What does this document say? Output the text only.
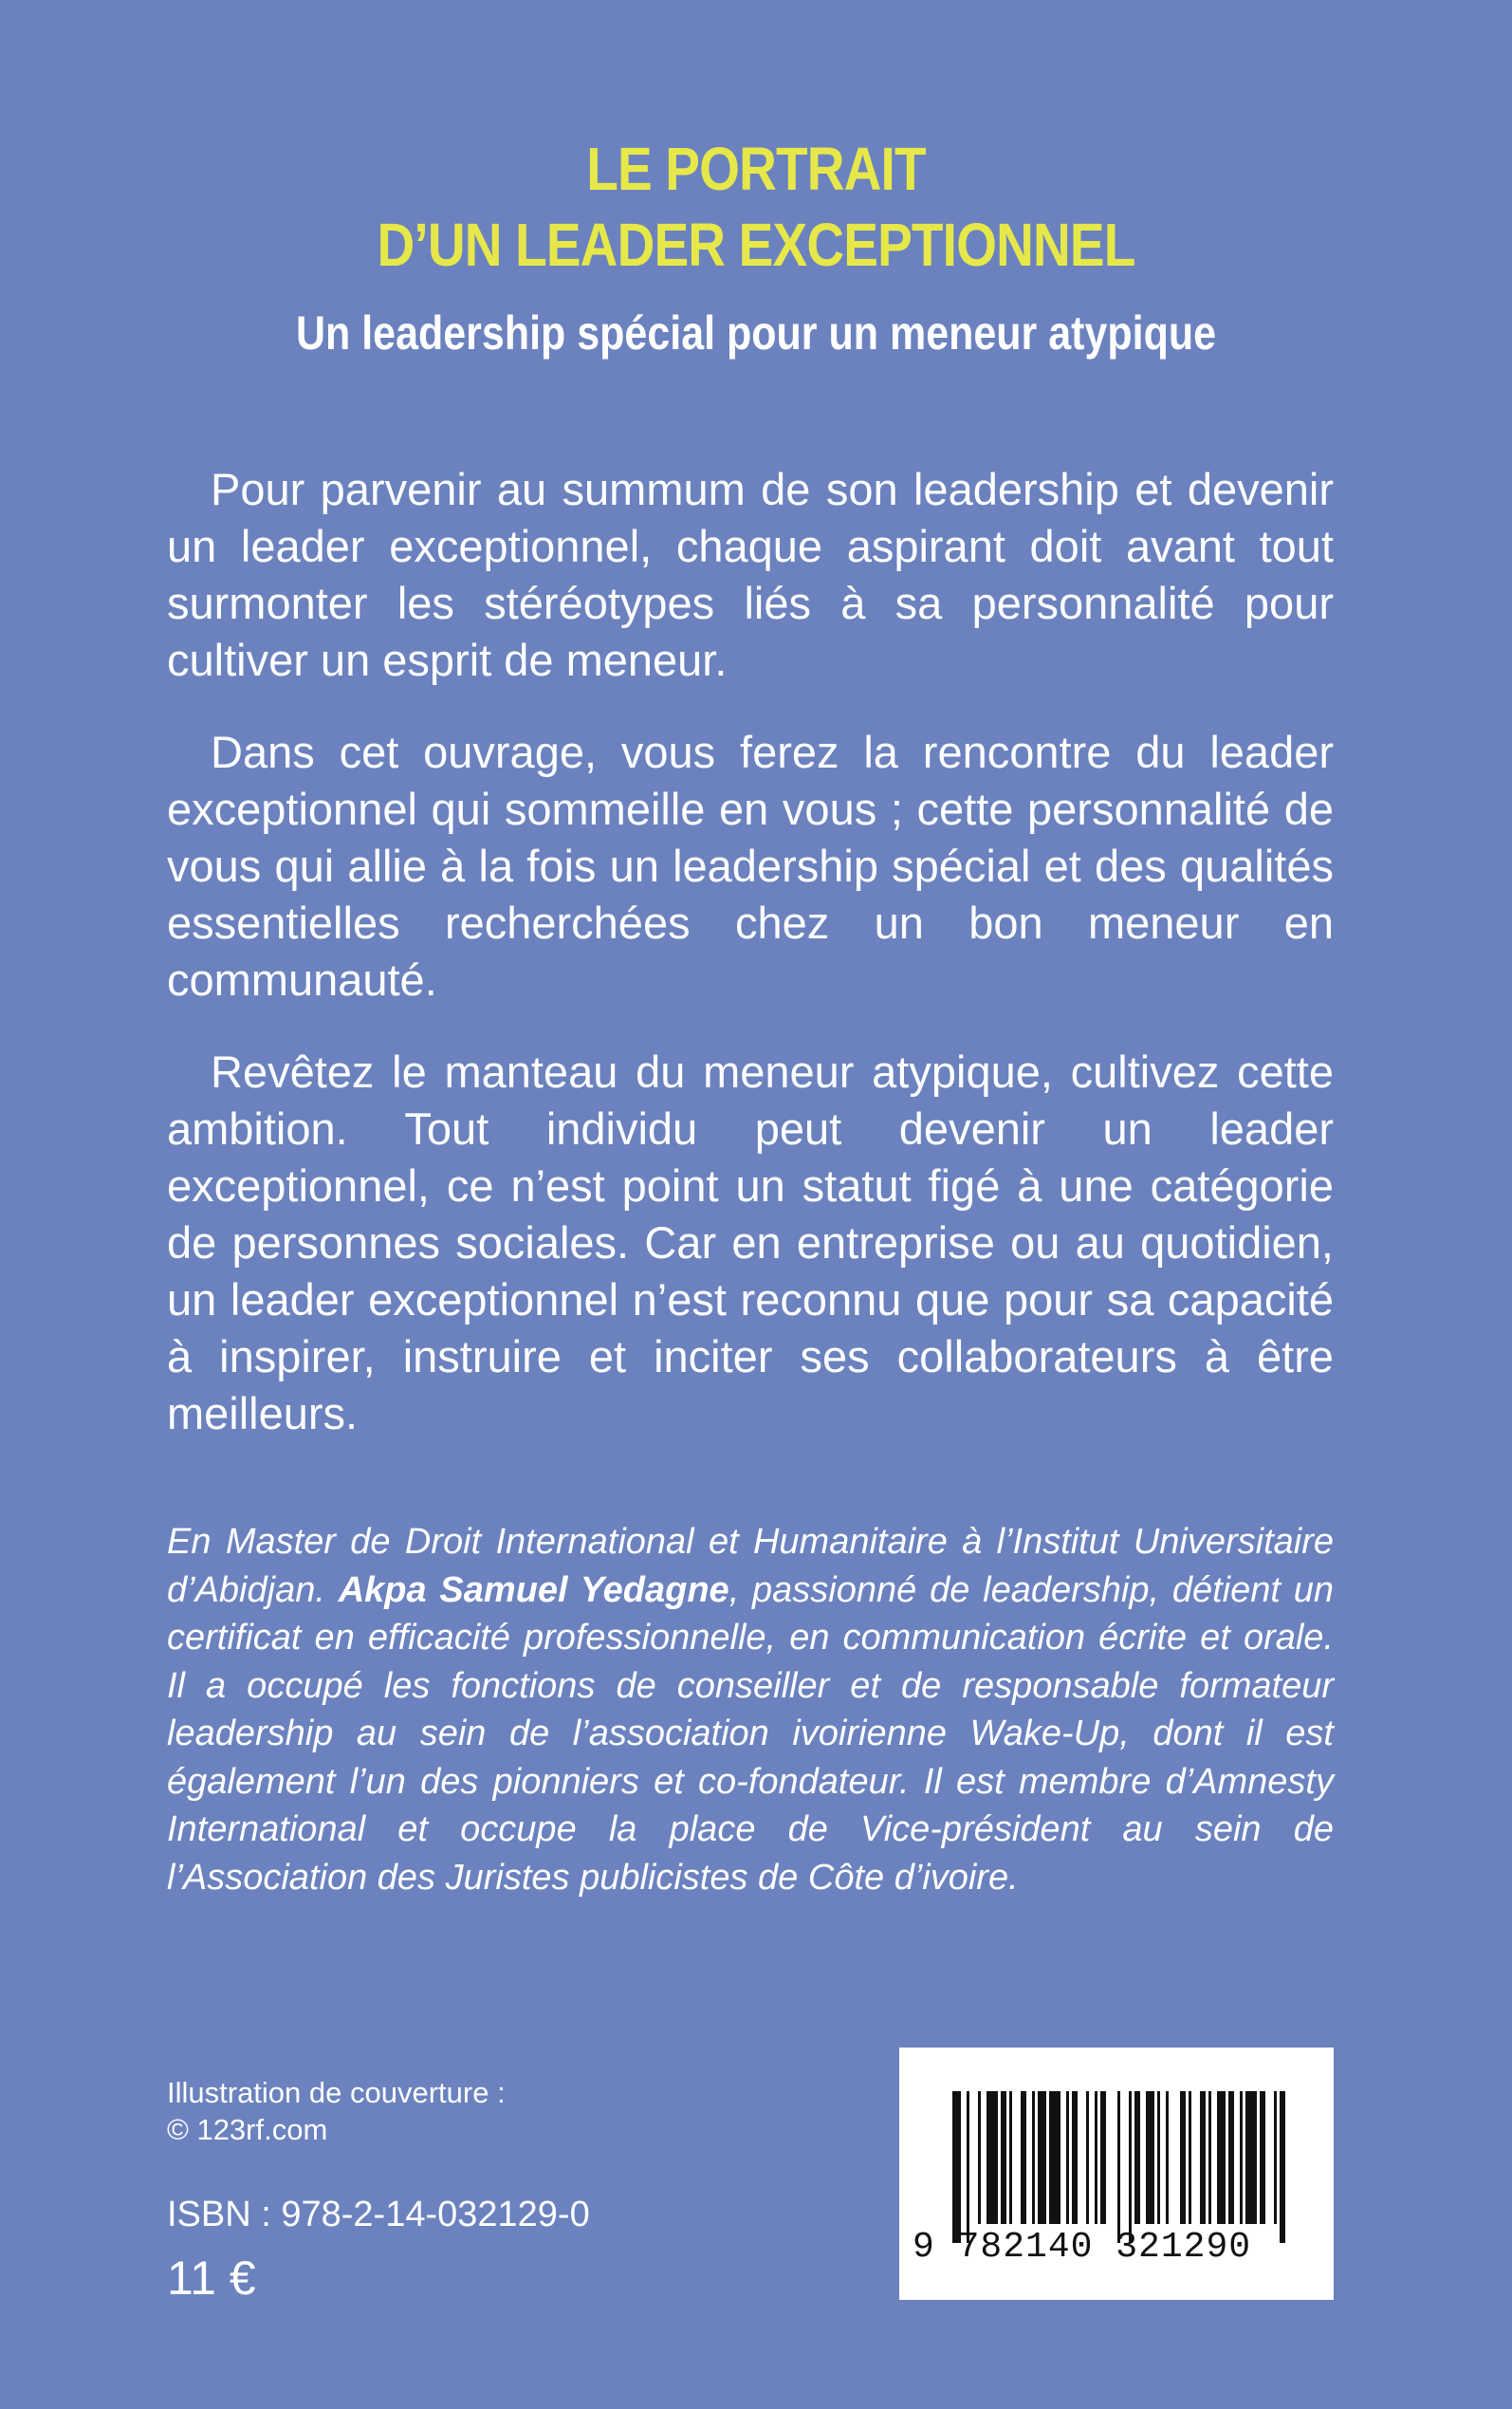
LE PORTRAIT
D’UN LEADER EXCEPTIONNEL
Un leadership spécial pour un meneur atypique

Pour parvenir au summum de son leadership et devenir un leader exceptionnel, chaque aspirant doit avant tout surmonter les stéréotypes liés à sa personnalité pour cultiver un esprit de meneur.

Dans cet ouvrage, vous ferez la rencontre du leader exceptionnel qui sommeille en vous ; cette personnalité de vous qui allie à la fois un leadership spécial et des qualités essentielles recherchées chez un bon meneur en communauté.

Revêtez le manteau du meneur atypique, cultivez cette ambition. Tout individu peut devenir un leader exceptionnel, ce n’est point un statut figé à une catégorie de personnes sociales. Car en entreprise ou au quotidien, un leader exceptionnel n’est reconnu que pour sa capacité à inspirer, instruire et inciter ses collaborateurs à être meilleurs.

En Master de Droit International et Humanitaire à l’Institut Universitaire d’Abidjan. Akpa Samuel Yedagne, passionné de leadership, détient un certificat en efficacité professionnelle, en communication écrite et orale. Il a occupé les fonctions de conseiller et de responsable formateur leadership au sein de l’association ivoirienne Wake-Up, dont il est également l’un des pionniers et co-fondateur. Il est membre d’Amnesty International et occupe la place de Vice-président au sein de l’Association des Juristes publicistes de Côte d’ivoire.

Illustration de couverture :
© 123rf.com
ISBN : 978-2-14-032129-0
11 €
9 782140 321290
